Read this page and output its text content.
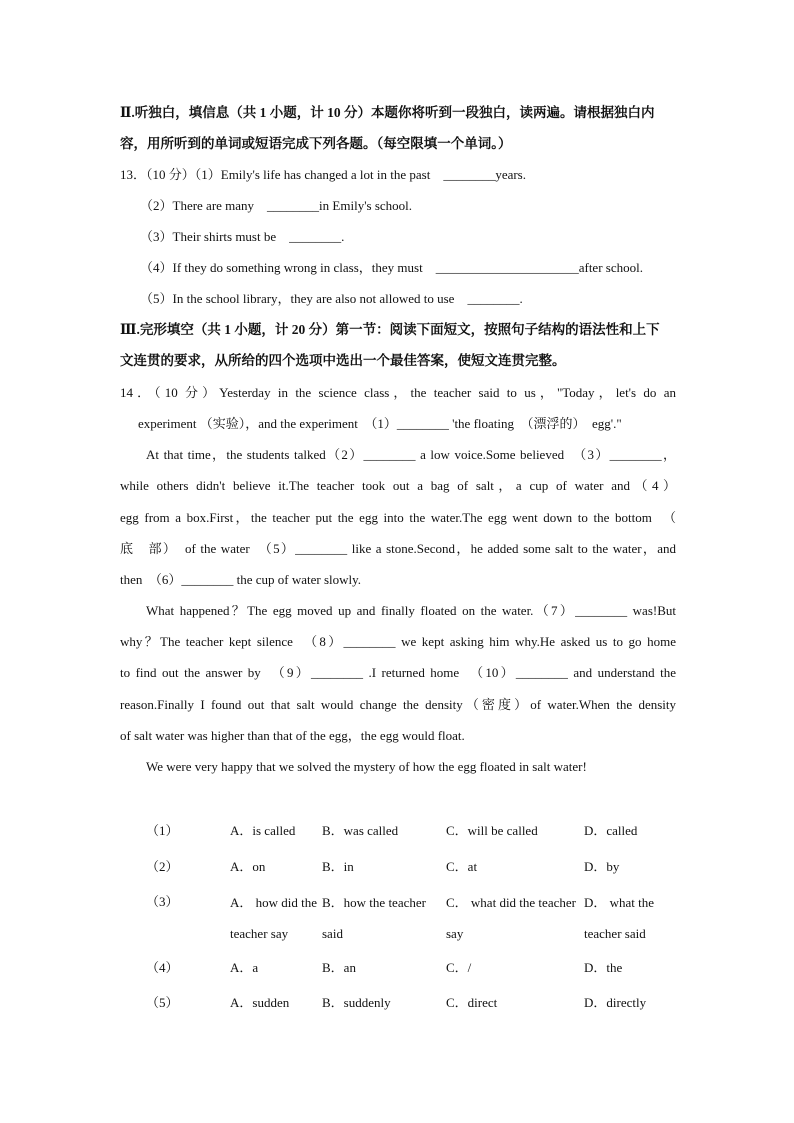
Ⅱ.听独白，填信息（共 1 小题，计 10 分）本题你将听到一段独白，读两遍。请根据独白内
容，用所听到的单词或短语完成下列各题。（每空限填一个单词。）
13．（10 分）（1）Emily's life has changed a lot in the past　________years.
（2）There are many　________in Emily's school.
（3）Their shirts must be　________.
（4）If they do something wrong in class，they must　______________________after school.
（5）In the school library，they are also not allowed to use　________.
Ⅲ.完形填空（共 1 小题，计 20 分）第一节：阅读下面短文，按照句子结构的语法性和上下
文连贯的要求，从所给的四个选项中选出一个最佳答案，使短文连贯完整。
14．（10 分）Yesterday in the science class，the teacher said to us，"Today，let's do an
experiment （实验），and the experiment　（1）________ 'the floating　（漂浮的）　egg'."
At that time，the students talked（2）________ a low voice.Some believed　（3）________，
while others didn't believe it.The teacher took out a bag of salt，a cup of water and（4）
egg from a box.First，the teacher put the egg into the water.The egg went down to the bottom　（
底　部）　of the water　（5）________ like a stone.Second，he added some salt to the water，and
then　（6）________ the cup of water slowly.
What happened？The egg moved up and finally floated on the water.（7）________ was!But
why？The teacher kept silence　（8）________ we kept asking him why.He asked us to go home
to find out the answer by　（9）________ .I returned home　（10）________ and understand the
reason.Finally I found out that salt would change the density（密度）of water.When the density
of salt water was higher than that of the egg，the egg would float.
We were very happy that we solved the mystery of how the egg floated in salt water!
（1）	A．is called B．was called	C．will be called	D．called
（2）	A．on	B．in	C．at	D．by
（3）	A． how did the teacher say
B．how the teacher said
C． what did the teacher say
D． what the teacher said
（4）	A．a	B．an	C．/	D．the
（5）	A．sudden	B．suddenly	C．direct	D．directly
